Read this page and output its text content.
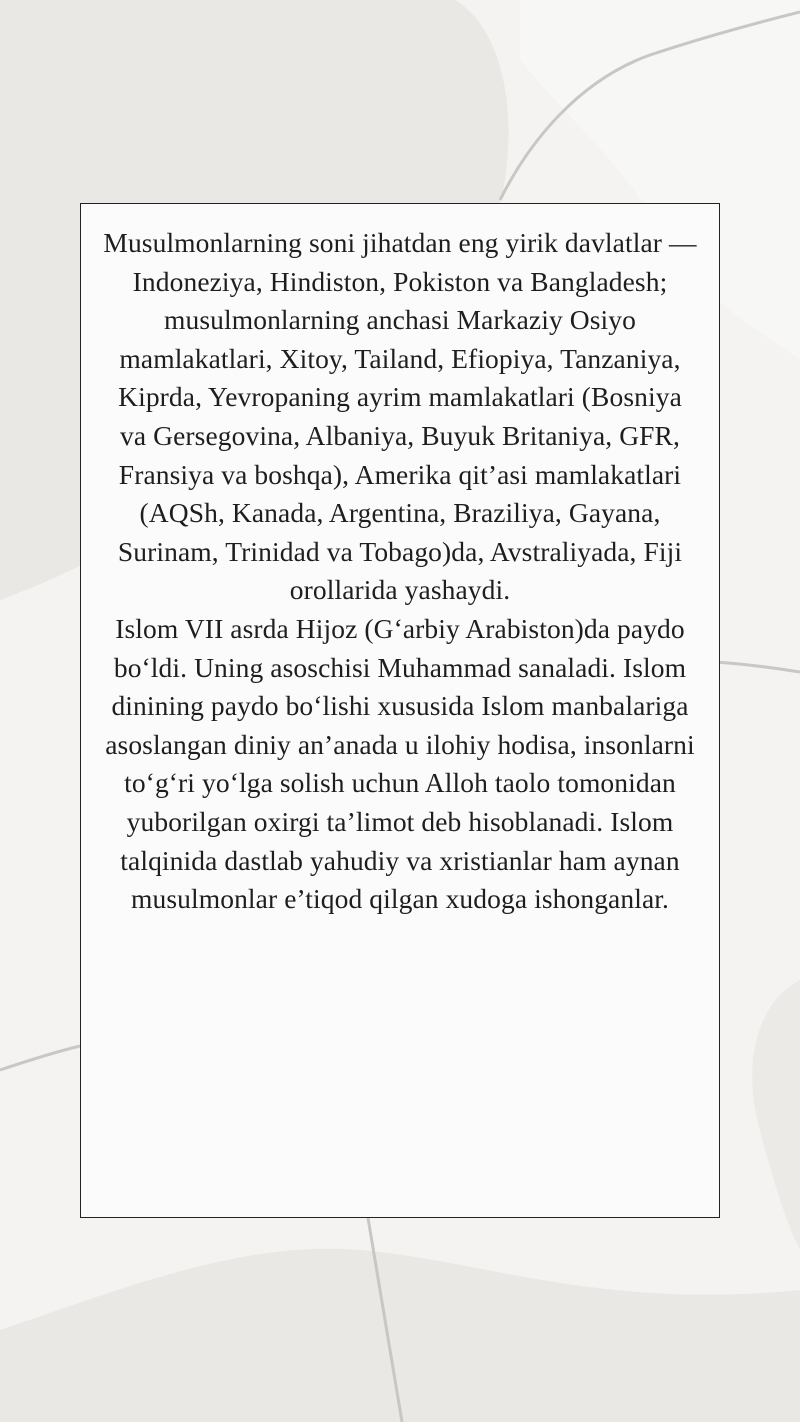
Musulmonlarning soni jihatdan eng yirik davlatlar — Indoneziya, Hindiston, Pokiston va Bangladesh; musulmonlarning anchasi Markaziy Osiyo mamlakatlari, Xitoy, Tailand, Efiopiya, Tanzaniya, Kiprda, Yevropaning ayrim mamlakatlari (Bosniya va Gersegovina, Albaniya, Buyuk Britaniya, GFR, Fransiya va boshqa), Amerika qit’asi mamlakatlari (AQSh, Kanada, Argentina, Braziliya, Gayana, Surinam, Trinidad va Tobago)da, Avstraliyada, Fiji orollarida yashaydi.

Islom VII asrda Hijoz (Gʻarbiy Arabiston)da paydo boʻldi. Uning asoschisi Muhammad sanaladi. Islom dinining paydo boʻlishi xususida Islom manbalariga asoslangan diniy an’anada u ilohiy hodisa, insonlarni toʻgʻri yoʻlga solish uchun Alloh taolo tomonidan yuborilgan oxirgi ta’limot deb hisoblanadi. Islom talqinida dastlab yahudiy va xristianlar ham aynan musulmonlar e’tiqod qilgan xudoga ishonganlar.
